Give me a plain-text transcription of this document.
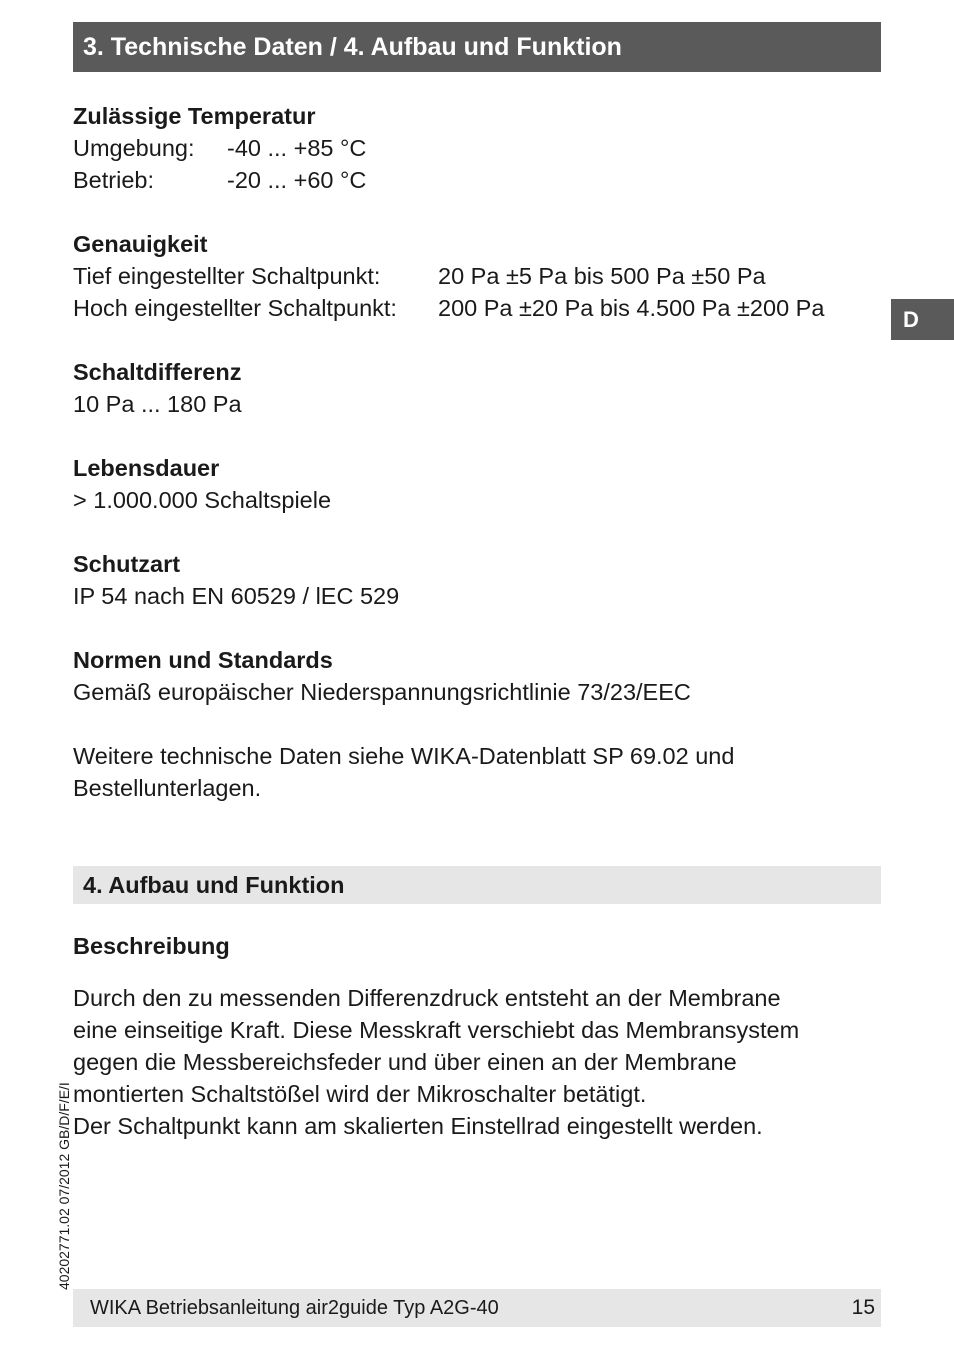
3. Technische Daten / 4. Aufbau und Funktion
D
Zulässige Temperatur
Umgebung:	-40 ... +85 °C
Betrieb:	-20 ... +60 °C
Genauigkeit
Tief eingestellter Schaltpunkt:	20 Pa ±5 Pa bis 500 Pa ±50 Pa
Hoch eingestellter Schaltpunkt:	200 Pa ±20 Pa bis 4.500 Pa ±200 Pa
Schaltdifferenz
10 Pa ... 180 Pa
Lebensdauer
> 1.000.000 Schaltspiele
Schutzart
IP 54 nach EN 60529 / lEC 529
Normen und Standards
Gemäß europäischer Niederspannungsrichtlinie 73/23/EEC
Weitere technische Daten siehe WIKA-Datenblatt SP 69.02 und
Bestellunterlagen.
4. Aufbau und Funktion
Beschreibung
Durch den zu messenden Differenzdruck entsteht an der Membrane
eine einseitige Kraft. Diese Messkraft verschiebt das Membransystem
gegen die Messbereichsfeder und über einen an der Membrane
montierten Schaltstößel wird der Mikroschalter betätigt.
Der Schaltpunkt kann am skalierten Einstellrad eingestellt werden.
40202771.02 07/2012 GB/D/F/E/I
WIKA Betriebsanleitung air2guide Typ A2G-40	15
